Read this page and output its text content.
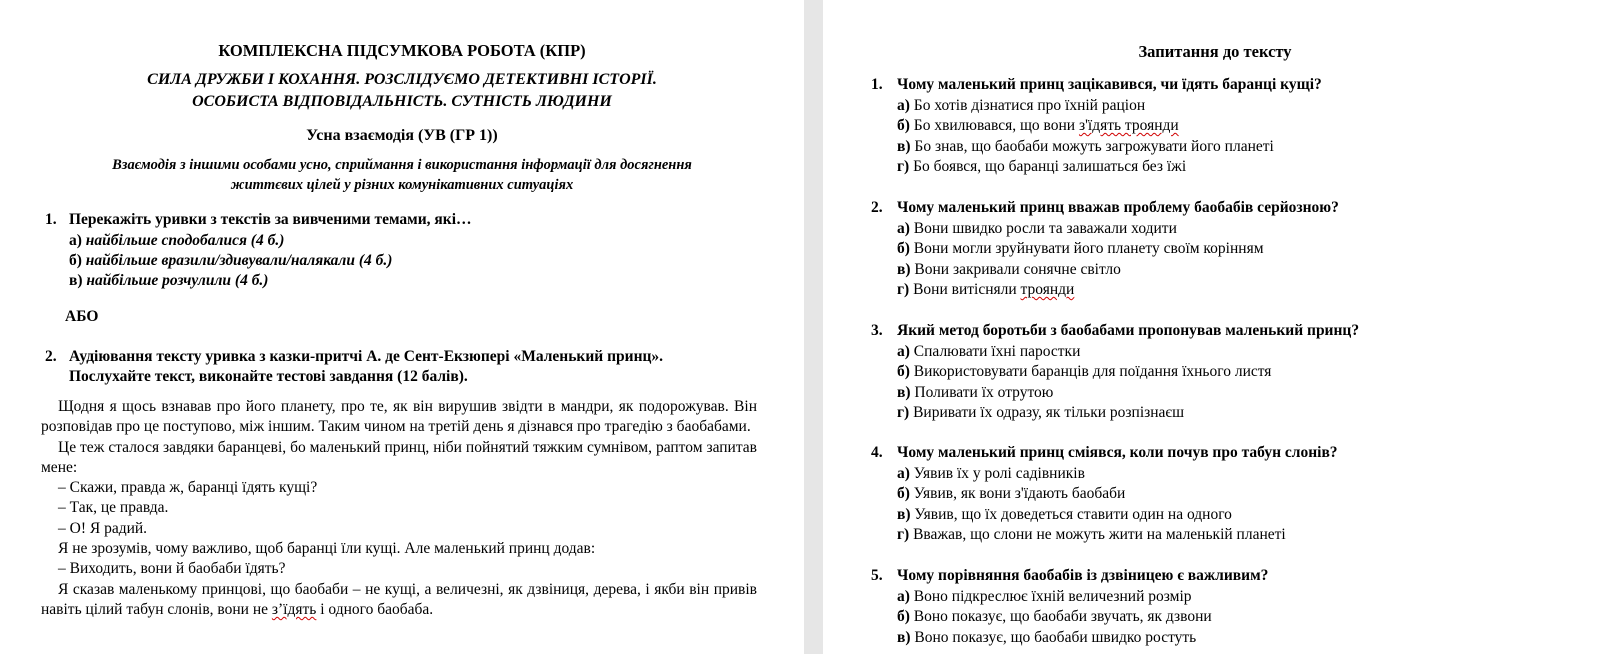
КОМПЛЕКСНА ПІДСУМКОВА РОБОТА (КПР)
СИЛА ДРУЖБИ І КОХАННЯ. РОЗСЛІДУЄМО ДЕТЕКТИВНІ ІСТОРІЇ.
ОСОБИСТА ВІДПОВІДАЛЬНІСТЬ. СУТНІСТЬ ЛЮДИНИ
Усна взаємодія (УВ (ГР 1))
Взаємодія з іншими особами усно, сприймання і використання інформації для досягнення
життєвих цілей у різних комунікативних ситуаціях
1. Перекажіть уривки з текстів за вивченими темами, які…
а) найбільше сподобалися (4 б.)
б) найбільше вразили/здивували/налякали (4 б.)
в) найбільше розчулили (4 б.)
АБО
2. Аудіювання тексту уривка з казки-притчі А. де Сент-Екзюпері «Маленький принц».
Послухайте текст, виконайте тестові завдання (12 балів).

Щодня я щось взнавав про його планету, про те, як він вирушив звідти в мандри, як подорожував. Він розповідав про це поступово, між іншим. Таким чином на третій день я дізнався про трагедію з баобабами.

Це теж сталося завдяки баранцеві, бо маленький принц, ніби пойнятий тяжким сумнівом, раптом запитав мене:

– Скажи, правда ж, баранці їдять кущі?

– Так, це правда.

– О! Я радий.

Я не зрозумів, чому важливо, щоб баранці їли кущі. Але маленький принц додав:

– Виходить, вони й баобаби їдять?

Я сказав маленькому принцові, що баобаби – не кущі, а величезні, як дзвіниця, дерева, і якби він привів навіть цілий табун слонів, вони не з’їдять і одного баобаба.

Запитання до тексту
1. Чому маленький принц зацікавився, чи їдять баранці кущі?
а) Бо хотів дізнатися про їхній раціон
б) Бо хвилювався, що вони з'їдять троянди
в) Бо знав, що баобаби можуть загрожувати його планеті
г) Бо боявся, що баранці залишаться без їжі
2. Чому маленький принц вважав проблему баобабів серйозною?
а) Вони швидко росли та заважали ходити
б) Вони могли зруйнувати його планету своїм корінням
в) Вони закривали сонячне світло
г) Вони витісняли троянди
3. Який метод боротьби з баобабами пропонував маленький принц?
а) Спалювати їхні паростки
б) Використовувати баранців для поїдання їхнього листя
в) Поливати їх отрутою
г) Виривати їх одразу, як тільки розпізнаєш
4. Чому маленький принц сміявся, коли почув про табун слонів?
а) Уявив їх у ролі садівників
б) Уявив, як вони з'їдають баобаби
в) Уявив, що їх доведеться ставити один на одного
г) Вважав, що слони не можуть жити на маленькій планеті
5. Чому порівняння баобабів із дзвіницею є важливим?
а) Воно підкреслює їхній величезний розмір
б) Воно показує, що баобаби звучать, як дзвони
в) Воно показує, що баобаби швидко ростуть
